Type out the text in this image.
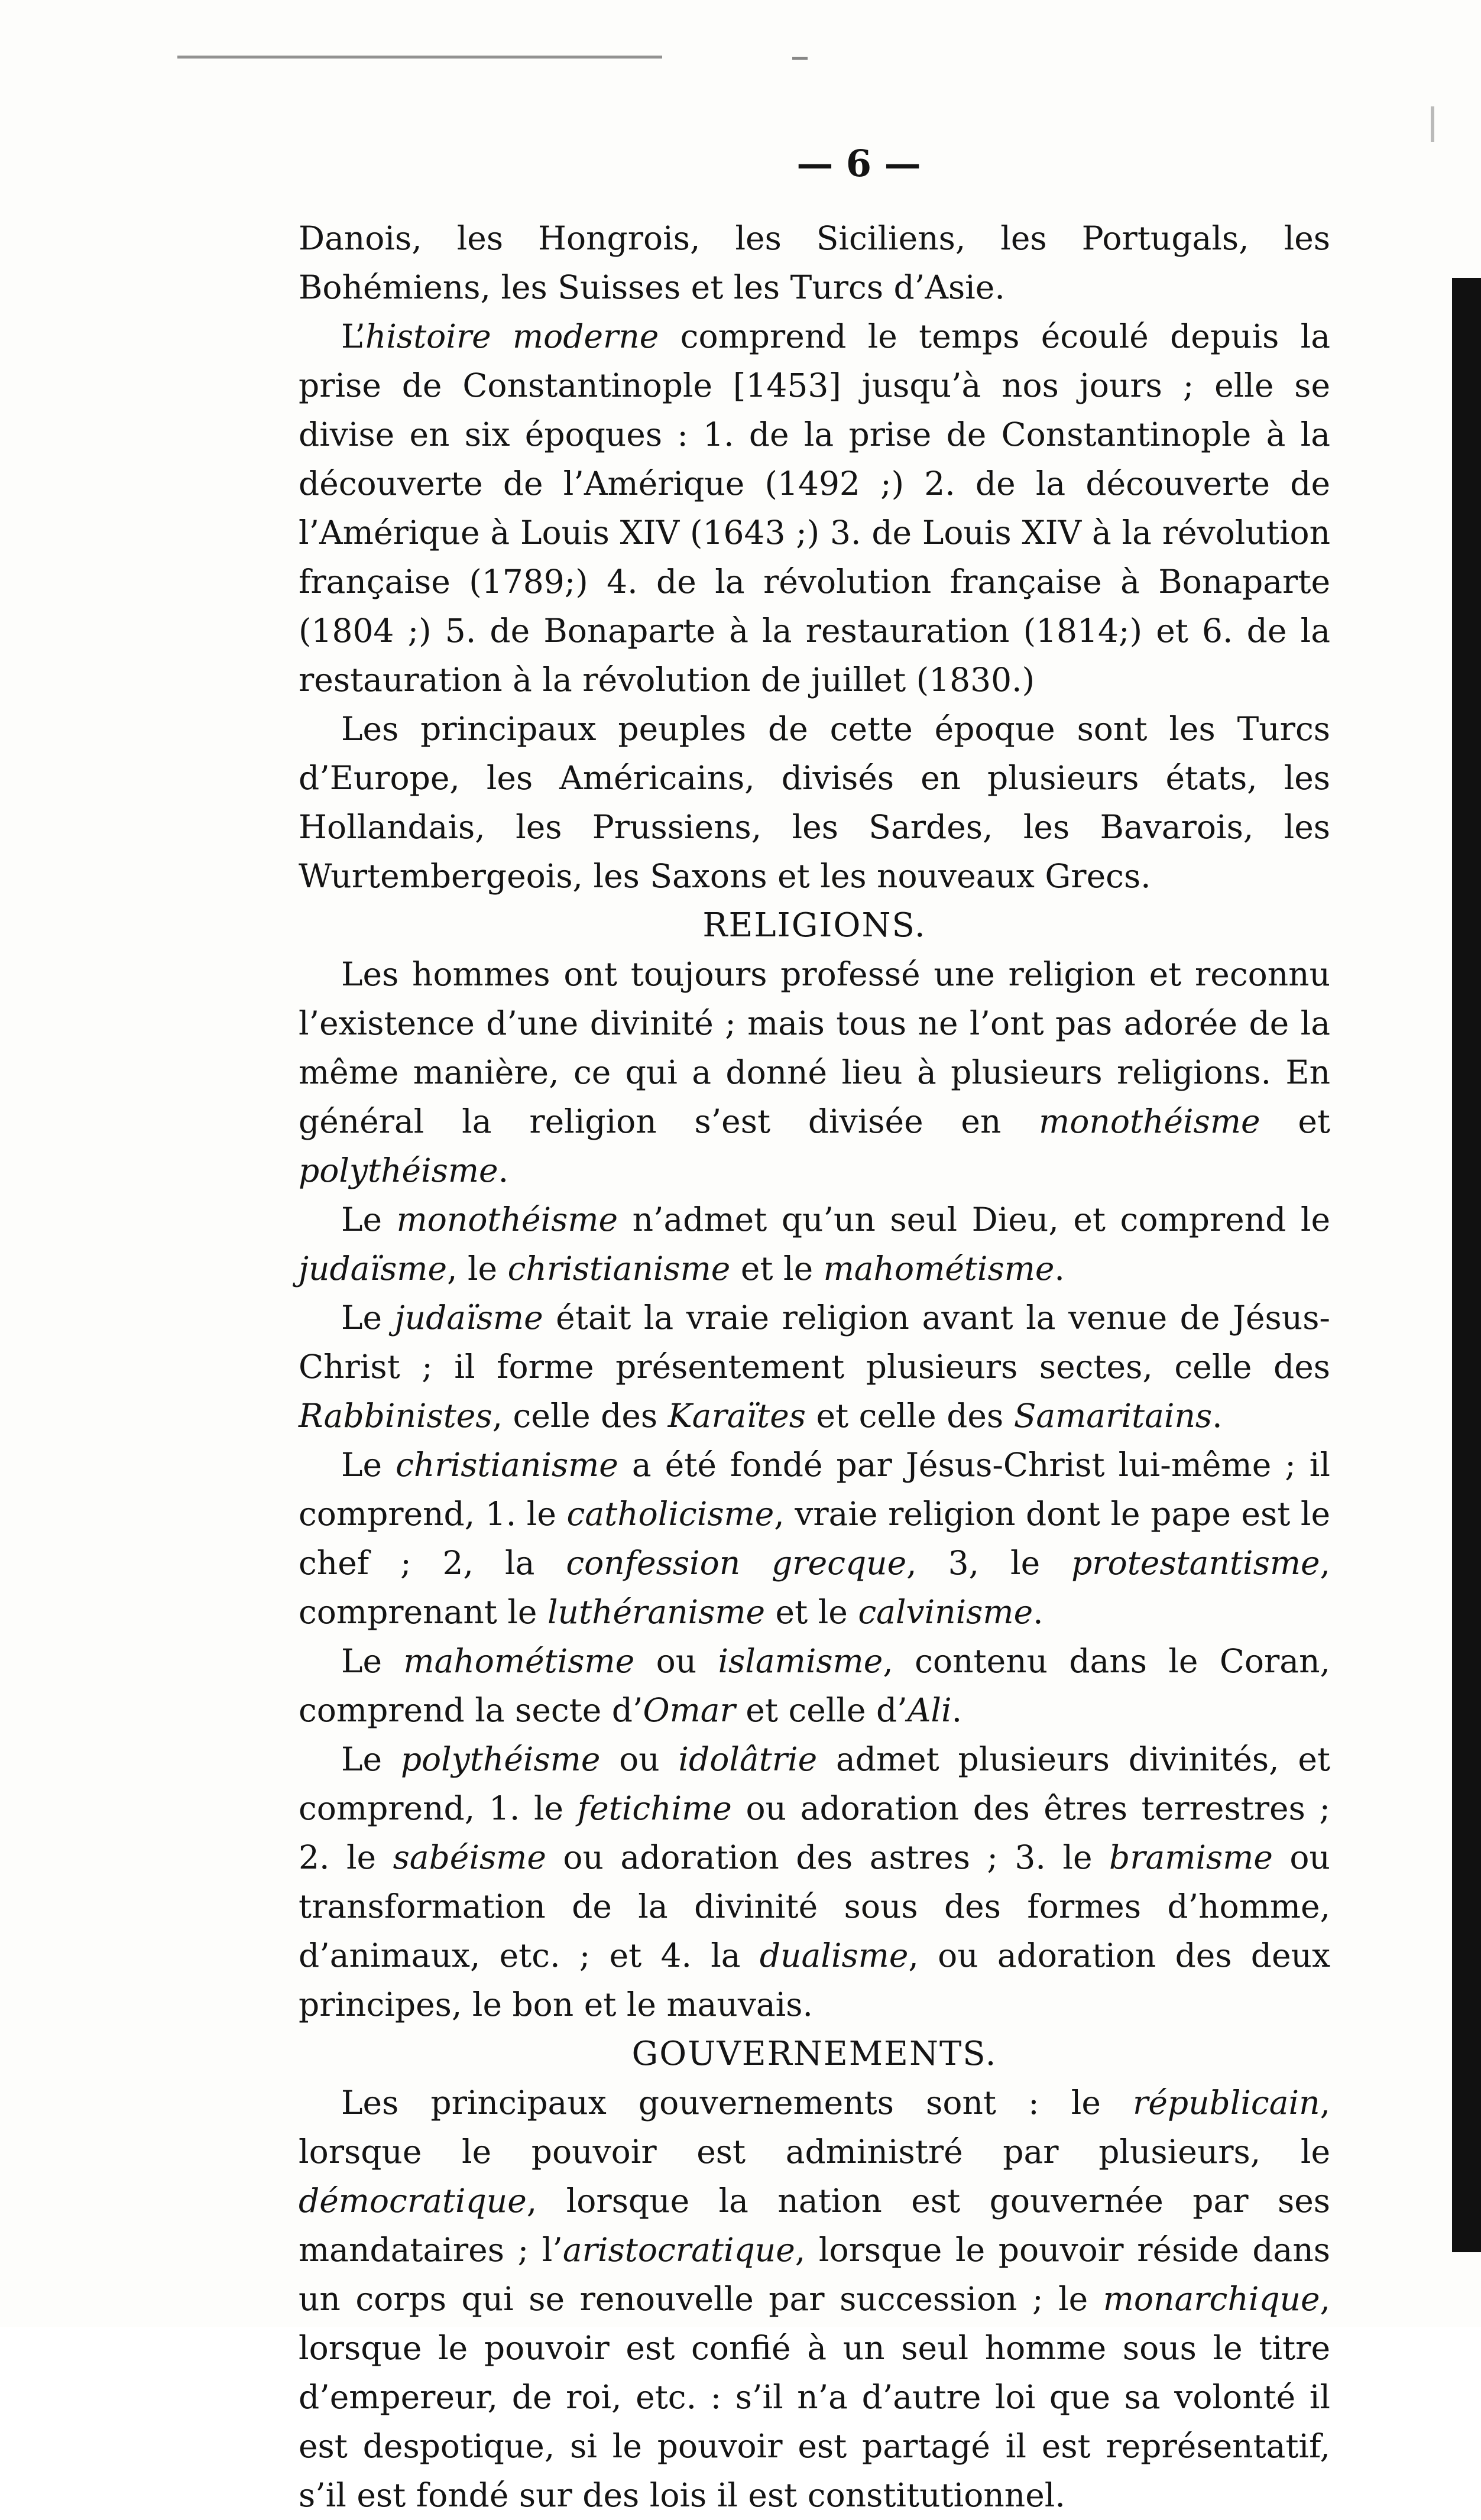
— 6 —

Danois, les Hongrois, les Siciliens, les Portugals, les Bohémiens, les Suisses et les Turcs d’Asie.

L’histoire moderne comprend le temps écoulé depuis la prise de Constantinople [1453] jusqu’à nos jours ; elle se divise en six époques : 1. de la prise de Constantinople à la découverte de l’Amérique (1492 ;) 2. de la découverte de l’Amérique à Louis XIV (1643 ;) 3. de Louis XIV à la révolution française (1789;) 4. de la révolution française à Bonaparte (1804 ;) 5. de Bonaparte à la restauration (1814;) et 6. de la restauration à la révolution de juillet (1830.)

Les principaux peuples de cette époque sont les Turcs d’Europe, les Américains, divisés en plusieurs états, les Hollandais, les Prussiens, les Sardes, les Bavarois, les Wurtembergeois, les Saxons et les nouveaux Grecs.

RELIGIONS.

Les hommes ont toujours professé une religion et reconnu l’existence d’une divinité ; mais tous ne l’ont pas adorée de la même manière, ce qui a donné lieu à plusieurs religions. En général la religion s’est divisée en monothéisme et polythéisme.

Le monothéisme n’admet qu’un seul Dieu, et comprend le judaïsme, le christianisme et le mahométisme.

Le judaïsme était la vraie religion avant la venue de Jésus-Christ ; il forme présentement plusieurs sectes, celle des Rabbinistes, celle des Karaïtes et celle des Samaritains.

Le christianisme a été fondé par Jésus-Christ lui-même ; il comprend, 1. le catholicisme, vraie religion dont le pape est le chef ; 2, la confession grecque, 3, le protestantisme, comprenant le luthéranisme et le calvinisme.

Le mahométisme ou islamisme, contenu dans le Coran, comprend la secte d’Omar et celle d’Ali.

Le polythéisme ou idolâtrie admet plusieurs divinités, et comprend, 1. le fetichime ou adoration des êtres terrestres ; 2. le sabéisme ou adoration des astres ; 3. le bramisme ou transformation de la divinité sous des formes d’homme, d’animaux, etc. ; et 4. la dualisme, ou adoration des deux principes, le bon et le mauvais.

GOUVERNEMENTS.

Les principaux gouvernements sont : le républicain, lorsque le pouvoir est administré par plusieurs, le démocratique, lorsque la nation est gouvernée par ses mandataires ; l’aristocratique, lorsque le pouvoir réside dans un corps qui se renouvelle par succession ; le monarchique, lorsque le pouvoir est confié à un seul homme sous le titre d’empereur, de roi, etc. : s’il n’a d’autre loi que sa volonté il est despotique, si le pouvoir est partagé il est représentatif, s’il est fondé sur des lois il est constitutionnel.
